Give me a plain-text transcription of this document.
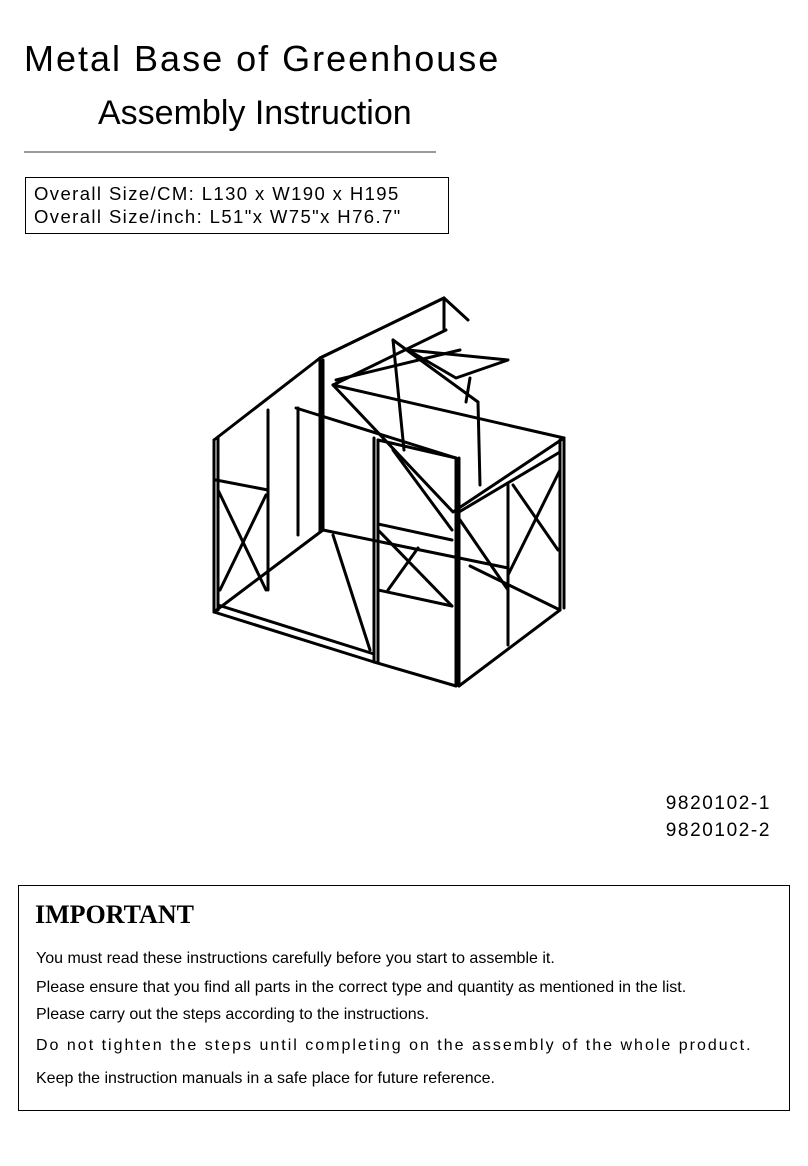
Metal Base of Greenhouse
Assembly Instruction
Overall Size/CM: L130 x W190 x H195
Overall Size/inch: L51"x W75"x H76.7"
9820102-1
9820102-2
IMPORTANT
You must read these instructions carefully before you start to assemble it.
Please ensure that you find all parts in the correct type and quantity as mentioned in the list.
Please carry out the steps according to the instructions.
Do not tighten the steps until completing on the assembly of the whole product.
Keep the instruction manuals in a safe place for future reference.
